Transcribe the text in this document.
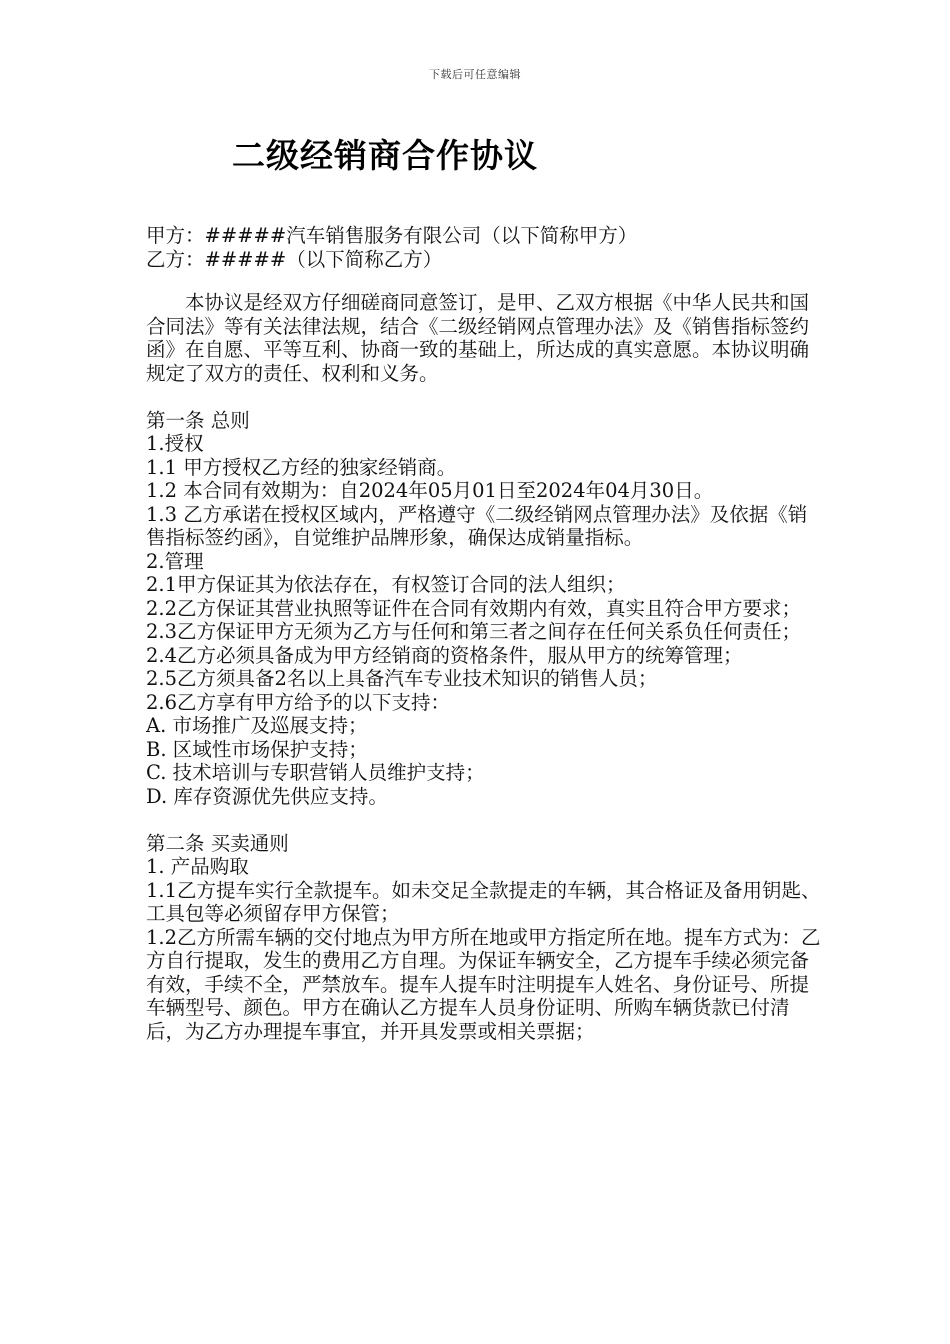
下载后可任意编辑
二级经销商合作协议
甲方：#####汽车销售服务有限公司（以下简称甲方）
乙方：#####（以下简称乙方）
本协议是经双方仔细磋商同意签订，是甲、乙双方根据《中华人民共和国合同法》等有关法律法规，结合《二级经销网点管理办法》及《销售指标签约函》在自愿、平等互利、协商一致的基础上，所达成的真实意愿。本协议明确规定了双方的责任、权利和义务。
第一条 总则
1.授权
1.1 甲方授权乙方经的独家经销商。
1.2 本合同有效期为：自2024年05月01日至2024年04月30日。
1.3 乙方承诺在授权区域内，严格遵守《二级经销网点管理办法》及依据《销售指标签约函》，自觉维护品牌形象，确保达成销量指标。
2.管理
2.1甲方保证其为依法存在，有权签订合同的法人组织；
2.2乙方保证其营业执照等证件在合同有效期内有效，真实且符合甲方要求；
2.3乙方保证甲方无须为乙方与任何和第三者之间存在任何关系负任何责任；
2.4乙方必须具备成为甲方经销商的资格条件，服从甲方的统筹管理；
2.5乙方须具备2名以上具备汽车专业技术知识的销售人员；
2.6乙方享有甲方给予的以下支持：
A. 市场推广及巡展支持；
B. 区域性市场保护支持；
C. 技术培训与专职营销人员维护支持；
D. 库存资源优先供应支持。
第二条 买卖通则
1. 产品购取
1.1乙方提车实行全款提车。如未交足全款提走的车辆，其合格证及备用钥匙、工具包等必须留存甲方保管；
1.2乙方所需车辆的交付地点为甲方所在地或甲方指定所在地。提车方式为：乙方自行提取，发生的费用乙方自理。为保证车辆安全，乙方提车手续必须完备有效，手续不全，严禁放车。提车人提车时注明提车人姓名、身份证号、所提车辆型号、颜色。甲方在确认乙方提车人员身份证明、所购车辆货款已付清后，为乙方办理提车事宜，并开具发票或相关票据；
